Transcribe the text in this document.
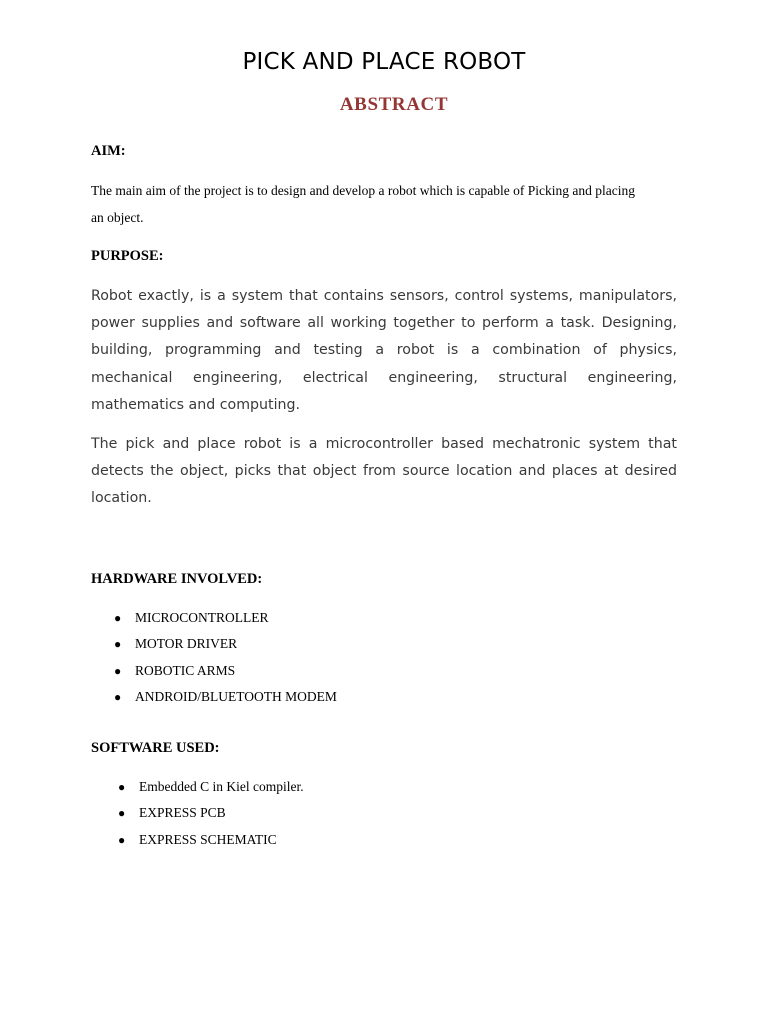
PICK AND PLACE ROBOT
ABSTRACT
AIM:
The main aim of the project is to design and develop a robot which is capable of Picking and placing an object.
PURPOSE:
Robot exactly, is a system that contains sensors, control systems, manipulators, power supplies and software all working together to perform a task. Designing, building, programming and testing a robot is a combination of physics, mechanical engineering, electrical engineering, structural engineering, mathematics and computing.
The pick and place robot is a microcontroller based mechatronic system that detects the object, picks that object from source location and places at desired location.
HARDWARE INVOLVED:
● MICROCONTROLLER
● MOTOR DRIVER
● ROBOTIC ARMS
● ANDROID/BLUETOOTH MODEM
SOFTWARE USED:
● Embedded C in Kiel compiler.
● EXPRESS PCB
● EXPRESS SCHEMATIC
